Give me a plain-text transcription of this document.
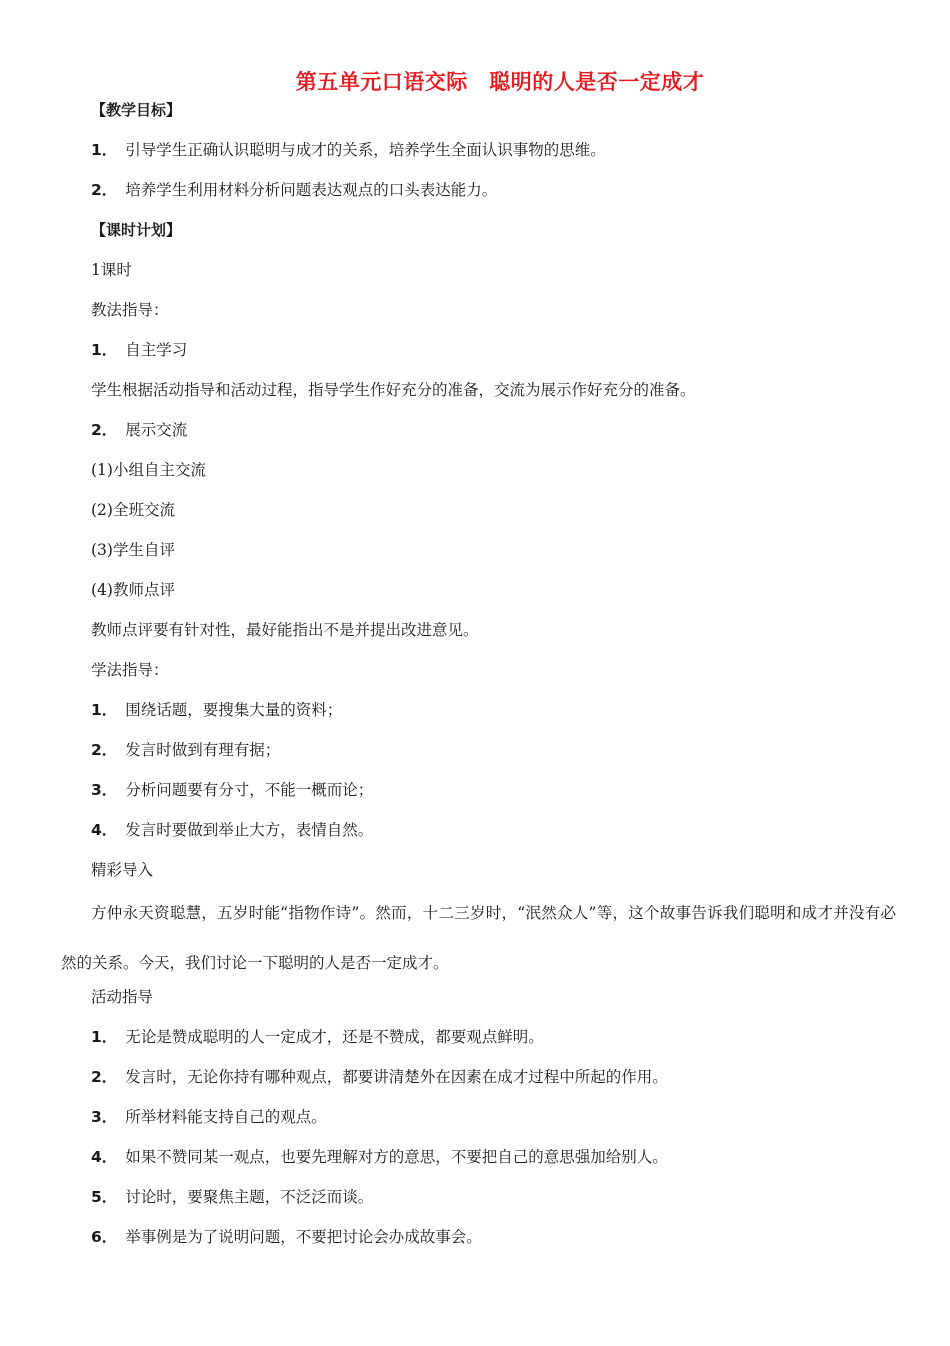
第五单元口语交际　聪明的人是否一定成才
【教学目标】
1． 引导学生正确认识聪明与成才的关系，培养学生全面认识事物的思维。
2． 培养学生利用材料分析问题表达观点的口头表达能力。
【课时计划】
1课时
教法指导：
1． 自主学习
学生根据活动指导和活动过程，指导学生作好充分的准备，交流为展示作好充分的准备。
2． 展示交流
(1)小组自主交流
(2)全班交流
(3)学生自评
(4)教师点评
教师点评要有针对性，最好能指出不是并提出改进意见。
学法指导：
1． 围绕话题，要搜集大量的资料；
2． 发言时做到有理有据；
3． 分析问题要有分寸，不能一概而论；
4． 发言时要做到举止大方，表情自然。
精彩导入
方仲永天资聪慧，五岁时能“指物作诗”。然而，十二三岁时，“泯然众人”等，这个故事告诉我们聪明和成才并没有必然的关系。今天，我们讨论一下聪明的人是否一定成才。
活动指导
1． 无论是赞成聪明的人一定成才，还是不赞成，都要观点鲜明。
2． 发言时，无论你持有哪种观点，都要讲清楚外在因素在成才过程中所起的作用。
3． 所举材料能支持自己的观点。
4． 如果不赞同某一观点，也要先理解对方的意思，不要把自己的意思强加给别人。
5． 讨论时，要聚焦主题，不泛泛而谈。
6． 举事例是为了说明问题，不要把讨论会办成故事会。
